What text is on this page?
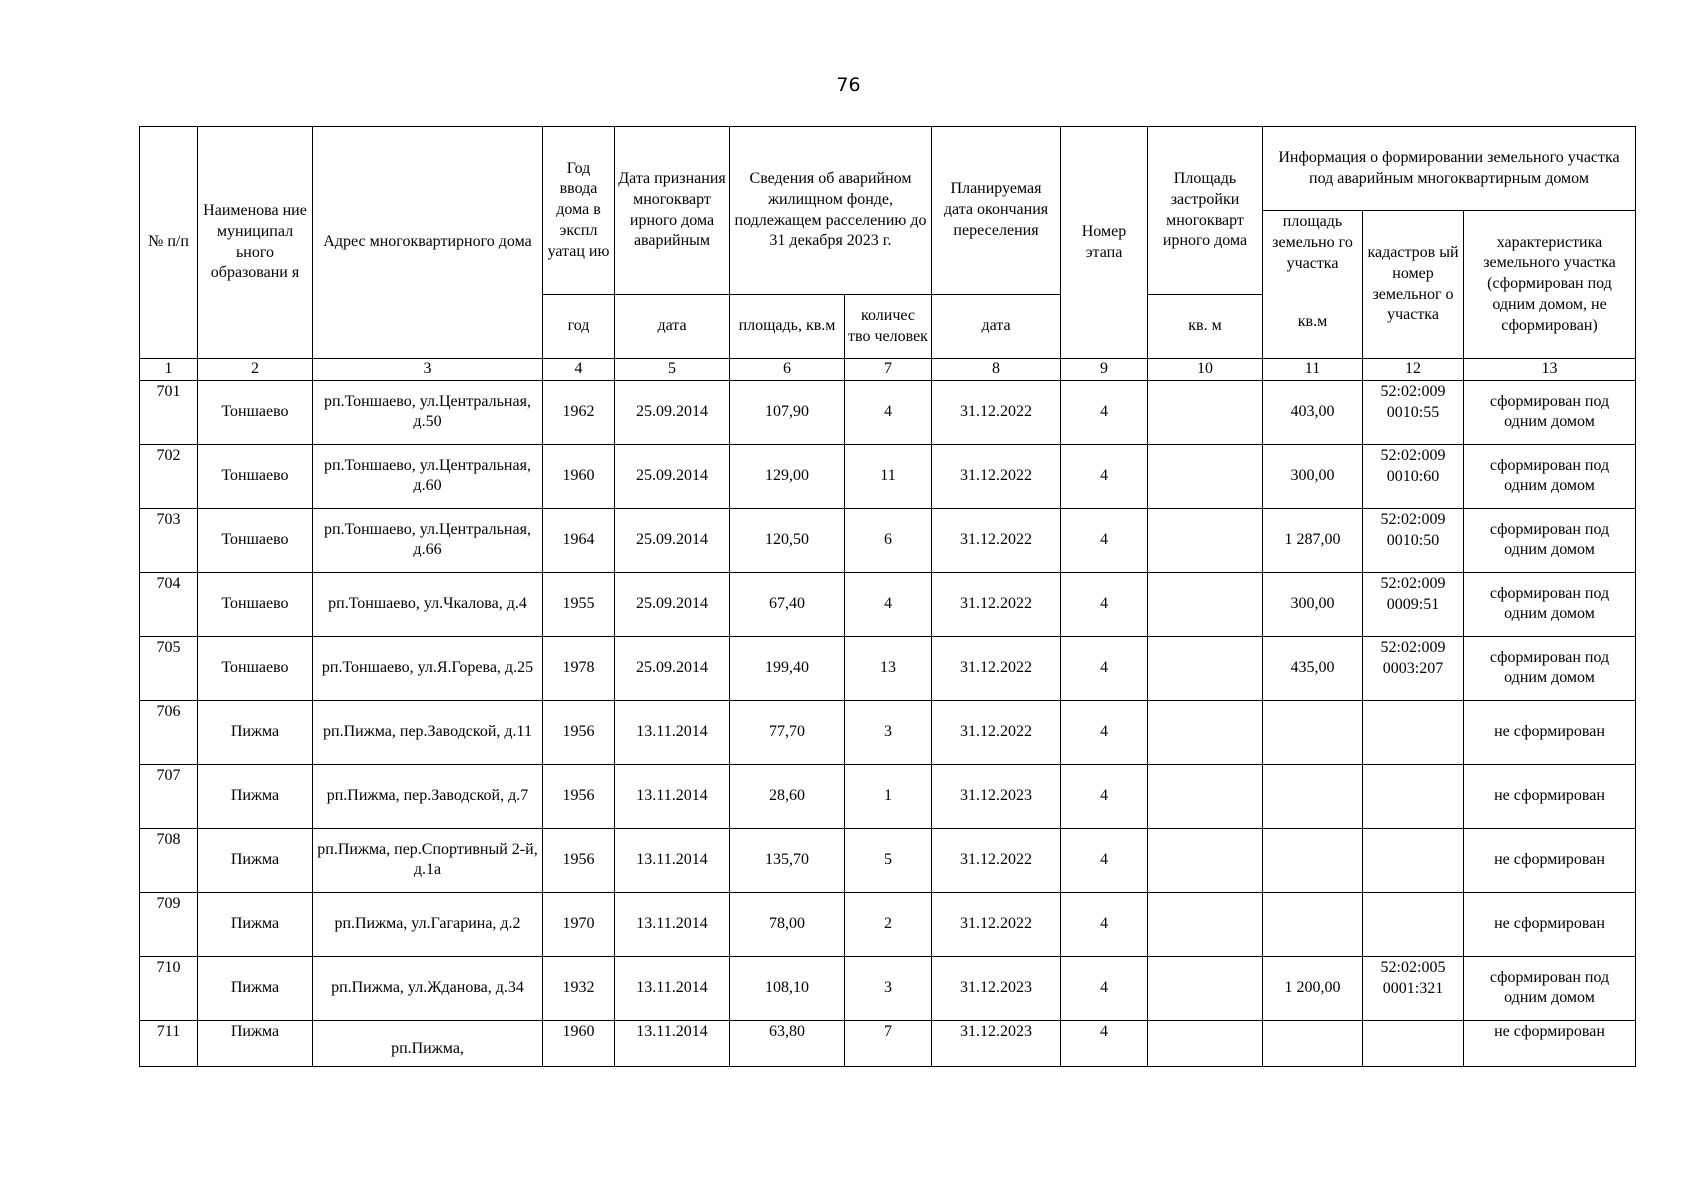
76
№ п/п	Наименова ние муниципал ьного образовани я	Адрес многоквартирного дома	Год ввода дома в экспл уатац ию	Дата признания многокварт ирного дома аварийным	Сведения об аварийном жилищном фонде, подлежащем расселению до 31 декабря 2023 г.		Планируемая дата окончания переселения	Номер этапа	Площадь застройки многокварт ирного дома	Информация о формировании земельного участка под аварийным многоквартирным домом		

										площадь земельно го участка
кв.м	кадастров ый номер земельног о участка	характеристика земельного участка (сформирован под одним домом, не сформирован)
			год	дата	площадь, кв.м	количес тво человек	дата		кв. м			
1	2	3	4	5	6	7	8	9	10	11	12	13
701	Тоншаево	рп.Тоншаево, ул.Центральная, д.50	1962	25.09.2014	107,90	4	31.12.2022	4		403,00	52:02:009 0010:55	сформирован под одним домом
702	Тоншаево	рп.Тоншаево, ул.Центральная, д.60	1960	25.09.2014	129,00	11	31.12.2022	4		300,00	52:02:009 0010:60	сформирован под одним домом
703	Тоншаево	рп.Тоншаево, ул.Центральная, д.66	1964	25.09.2014	120,50	6	31.12.2022	4		1 287,00	52:02:009 0010:50	сформирован под одним домом
704	Тоншаево	рп.Тоншаево, ул.Чкалова, д.4	1955	25.09.2014	67,40	4	31.12.2022	4		300,00	52:02:009 0009:51	сформирован под одним домом
705	Тоншаево	рп.Тоншаево, ул.Я.Горева, д.25	1978	25.09.2014	199,40	13	31.12.2022	4		435,00	52:02:009 0003:207	сформирован под одним домом
706	Пижма	рп.Пижма, пер.Заводской, д.11	1956	13.11.2014	77,70	3	31.12.2022	4				не сформирован
707	Пижма	рп.Пижма, пер.Заводской, д.7	1956	13.11.2014	28,60	1	31.12.2023	4				не сформирован
708	Пижма	рп.Пижма, пер.Спортивный 2-й, д.1а	1956	13.11.2014	135,70	5	31.12.2022	4				не сформирован
709	Пижма	рп.Пижма, ул.Гагарина, д.2	1970	13.11.2014	78,00	2	31.12.2022	4				не сформирован
710	Пижма	рп.Пижма, ул.Жданова, д.34	1932	13.11.2014	108,10	3	31.12.2023	4		1 200,00	52:02:005 0001:321	сформирован под одним домом
711	Пижма	рп.Пижма,	1960	13.11.2014	63,80	7	31.12.2023	4				не сформирован
